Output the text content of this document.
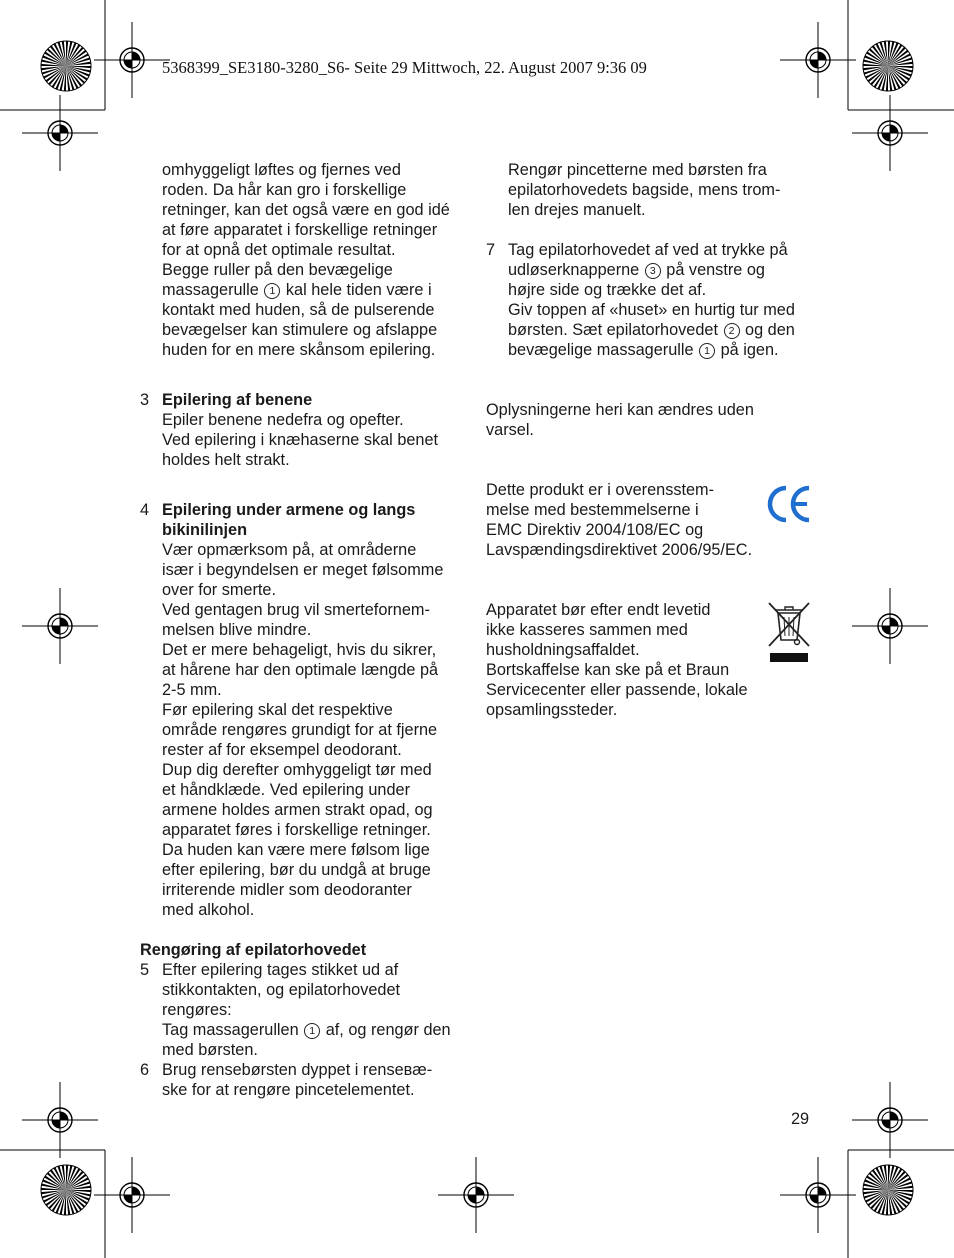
5368399_SE3180-3280_S6- Seite 29 Mittwoch, 22. August 2007 9:36 09
omhyggeligt løftes og fjernes ved
roden. Da hår kan gro i forskellige
retninger, kan det også være en god idé
at føre apparatet i forskellige retninger
for at opnå det optimale resultat.
Begge ruller på den bevægelige
massagerulle 1 kal hele tiden være i
kontakt med huden, så de pulserende
bevægelser kan stimulere og afslappe
huden for en mere skånsom epilering.
3 Epilering af benene
Epiler benene nedefra og opefter.
Ved epilering i knæhaserne skal benet
holdes helt strakt.
4 Epilering under armene og langs
bikinilinjen
Vær opmærksom på, at områderne
især i begyndelsen er meget følsomme
over for smerte.
Ved gentagen brug vil smertefornem-
melsen blive mindre.
Det er mere behageligt, hvis du sikrer,
at hårene har den optimale længde på
2-5 mm.
Før epilering skal det respektive
område rengøres grundigt for at fjerne
rester af for eksempel deodorant.
Dup dig derefter omhyggeligt tør med
et håndklæde. Ved epilering under
armene holdes armen strakt opad, og
apparatet føres i forskellige retninger.
Da huden kan være mere følsom lige
efter epilering, bør du undgå at bruge
irriterende midler som deodoranter
med alkohol.
Rengøring af epilatorhovedet
5 Efter epilering tages stikket ud af
stikkontakten, og epilatorhovedet
rengøres:
Tag massagerullen 1 af, og rengør den
med børsten.
6 Brug rensebørsten dyppet i renseвæ-
ske for at rengøre pincetelementet.
Rengør pincetterne med børsten fra
epilatorhovedets bagside, mens trom-
len drejes manuelt.
7 Tag epilatorhovedet af ved at trykke på
udløserknapperne 3 på venstre og
højre side og trække det af.
Giv toppen af «huset» en hurtig tur med
børsten. Sæt epilatorhovedet 2 og den
bevægelige massagerulle 1 på igen.
Oplysningerne heri kan ændres uden
varsel.
Dette produkt er i overensstem-
melse med bestemmelserne i
EMC Direktiv 2004/108/EC og
Lavspændingsdirektivet 2006/95/EC.
Apparatet bør efter endt levetid
ikke kasseres sammen med
husholdningsaffaldet.
Bortskaffelse kan ske på et Braun
Servicecenter eller passende, lokale
opsamlingssteder.
29
